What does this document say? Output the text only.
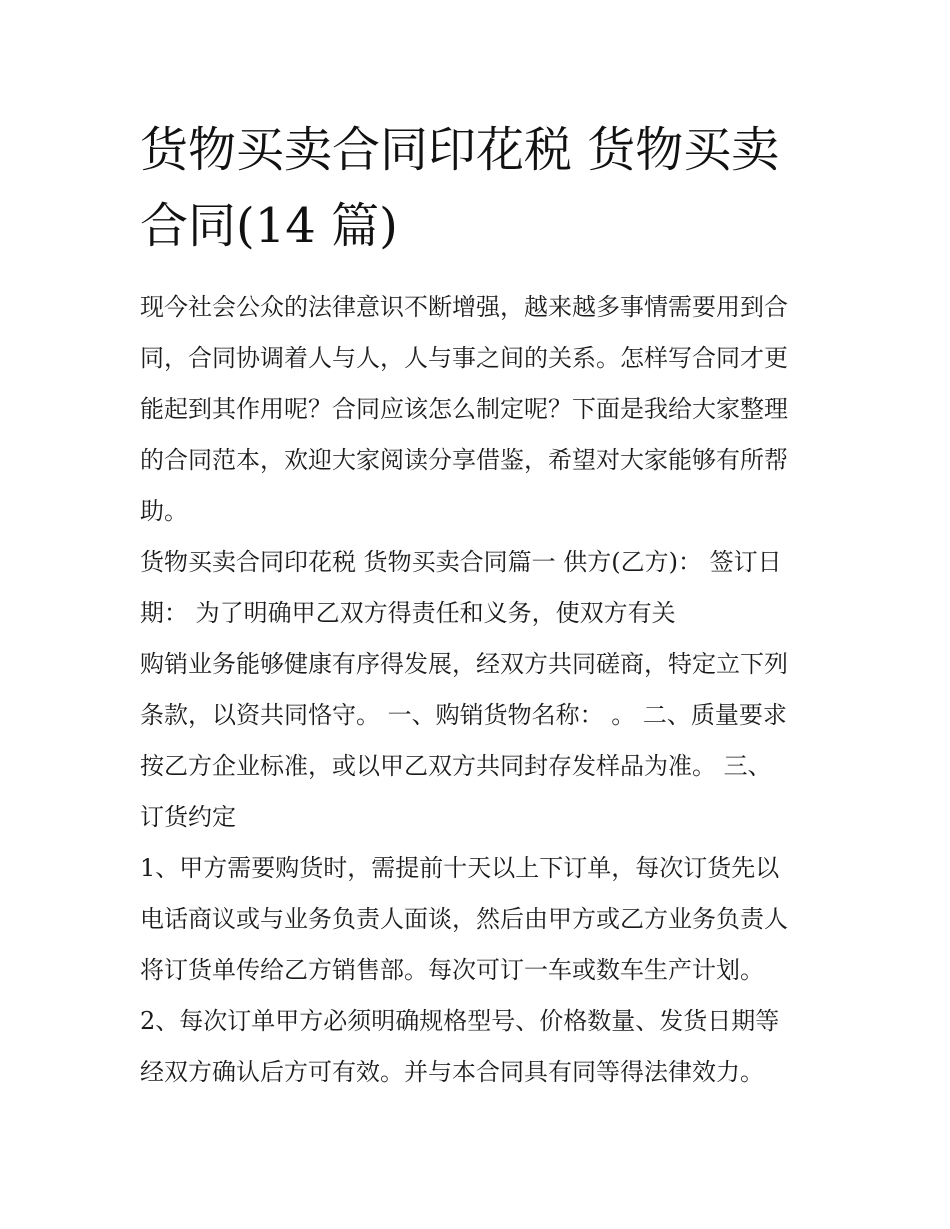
货物买卖合同印花税 货物买卖
合同(14 篇)

现今社会公众的法律意识不断增强，越来越多事情需要用到合
同，合同协调着人与人，人与事之间的关系。怎样写合同才更
能起到其作用呢？合同应该怎么制定呢？下面是我给大家整理
的合同范本，欢迎大家阅读分享借鉴，希望对大家能够有所帮
助。

货物买卖合同印花税 货物买卖合同篇一 供方(乙方)： 签订日
期： 为了明确甲乙双方得责任和义务，使双方有关

购销业务能够健康有序得发展，经双方共同磋商，特定立下列
条款，以资共同恪守。 一、购销货物名称： 。 二、质量要求
按乙方企业标准，或以甲乙双方共同封存发样品为准。 三、
订货约定

1、甲方需要购货时，需提前十天以上下订单，每次订货先以
电话商议或与业务负责人面谈，然后由甲方或乙方业务负责人
将订货单传给乙方销售部。每次可订一车或数车生产计划。

2、每次订单甲方必须明确规格型号、价格数量、发货日期等
经双方确认后方可有效。并与本合同具有同等得法律效力。
